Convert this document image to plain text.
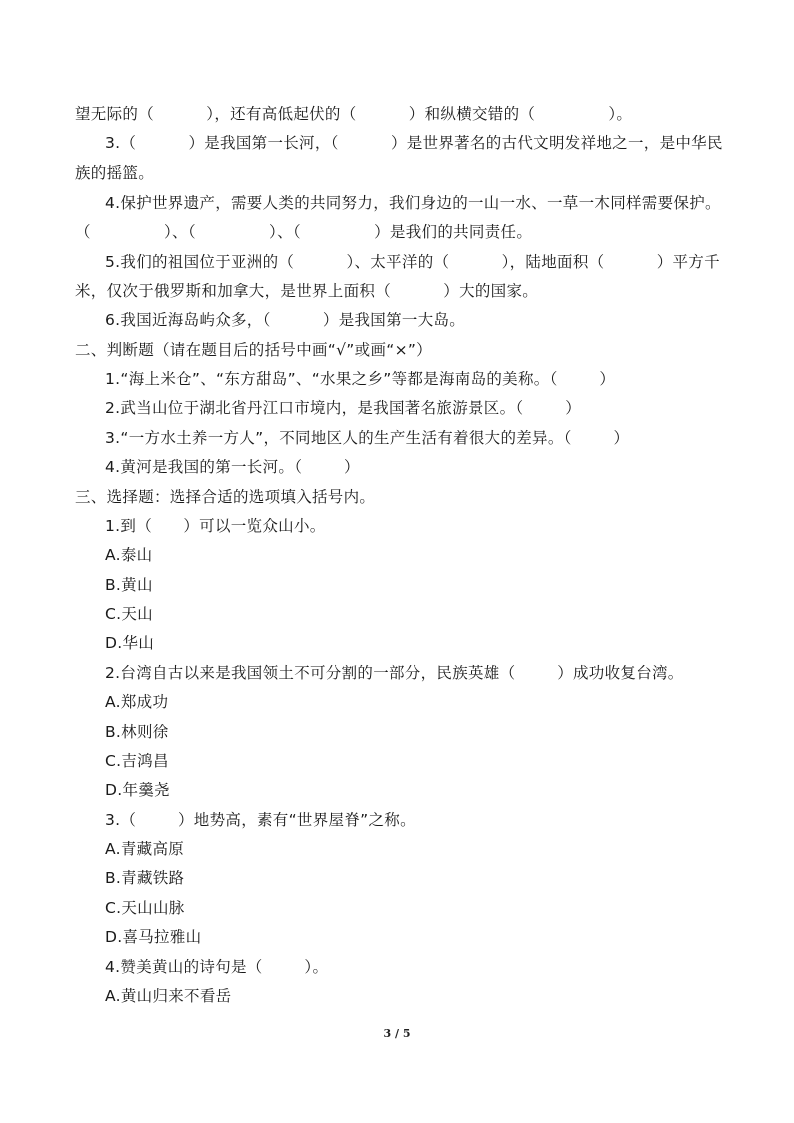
望无际的（          ），还有高低起伏的（          ）和纵横交错的（              ）。
3.（          ）是我国第一长河，（          ）是世界著名的古代文明发祥地之一，是中华民
族的摇篮。
4.保护世界遗产，需要人类的共同努力，我们身边的一山一水、一草一木同样需要保护。
（              ）、（              ）、（              ）是我们的共同责任。
5.我们的祖国位于亚洲的（          ）、太平洋的（          ），陆地面积（          ）平方千
米，仅次于俄罗斯和加拿大，是世界上面积（          ）大的国家。
6.我国近海岛屿众多，（          ）是我国第一大岛。
二、判断题（请在题目后的括号中画“√”或画“×”）
1.“海上米仓”、“东方甜岛”、“水果之乡”等都是海南岛的美称。（        ）
2.武当山位于湖北省丹江口市境内，是我国著名旅游景区。（        ）
3.“一方水土养一方人”，不同地区人的生产生活有着很大的差异。（        ）
4.黄河是我国的第一长河。（        ）
三、选择题：选择合适的选项填入括号内。
1.到（      ）可以一览众山小。
A.泰山
B.黄山
C.天山
D.华山
2.台湾自古以来是我国领土不可分割的一部分，民族英雄（        ）成功收复台湾。
A.郑成功
B.林则徐
C.吉鸿昌
D.年羹尧
3.（        ）地势高，素有“世界屋脊”之称。
A.青藏高原
B.青藏铁路
C.天山山脉
D.喜马拉雅山
4.赞美黄山的诗句是（        ）。
A.黄山归来不看岳
3 / 5
